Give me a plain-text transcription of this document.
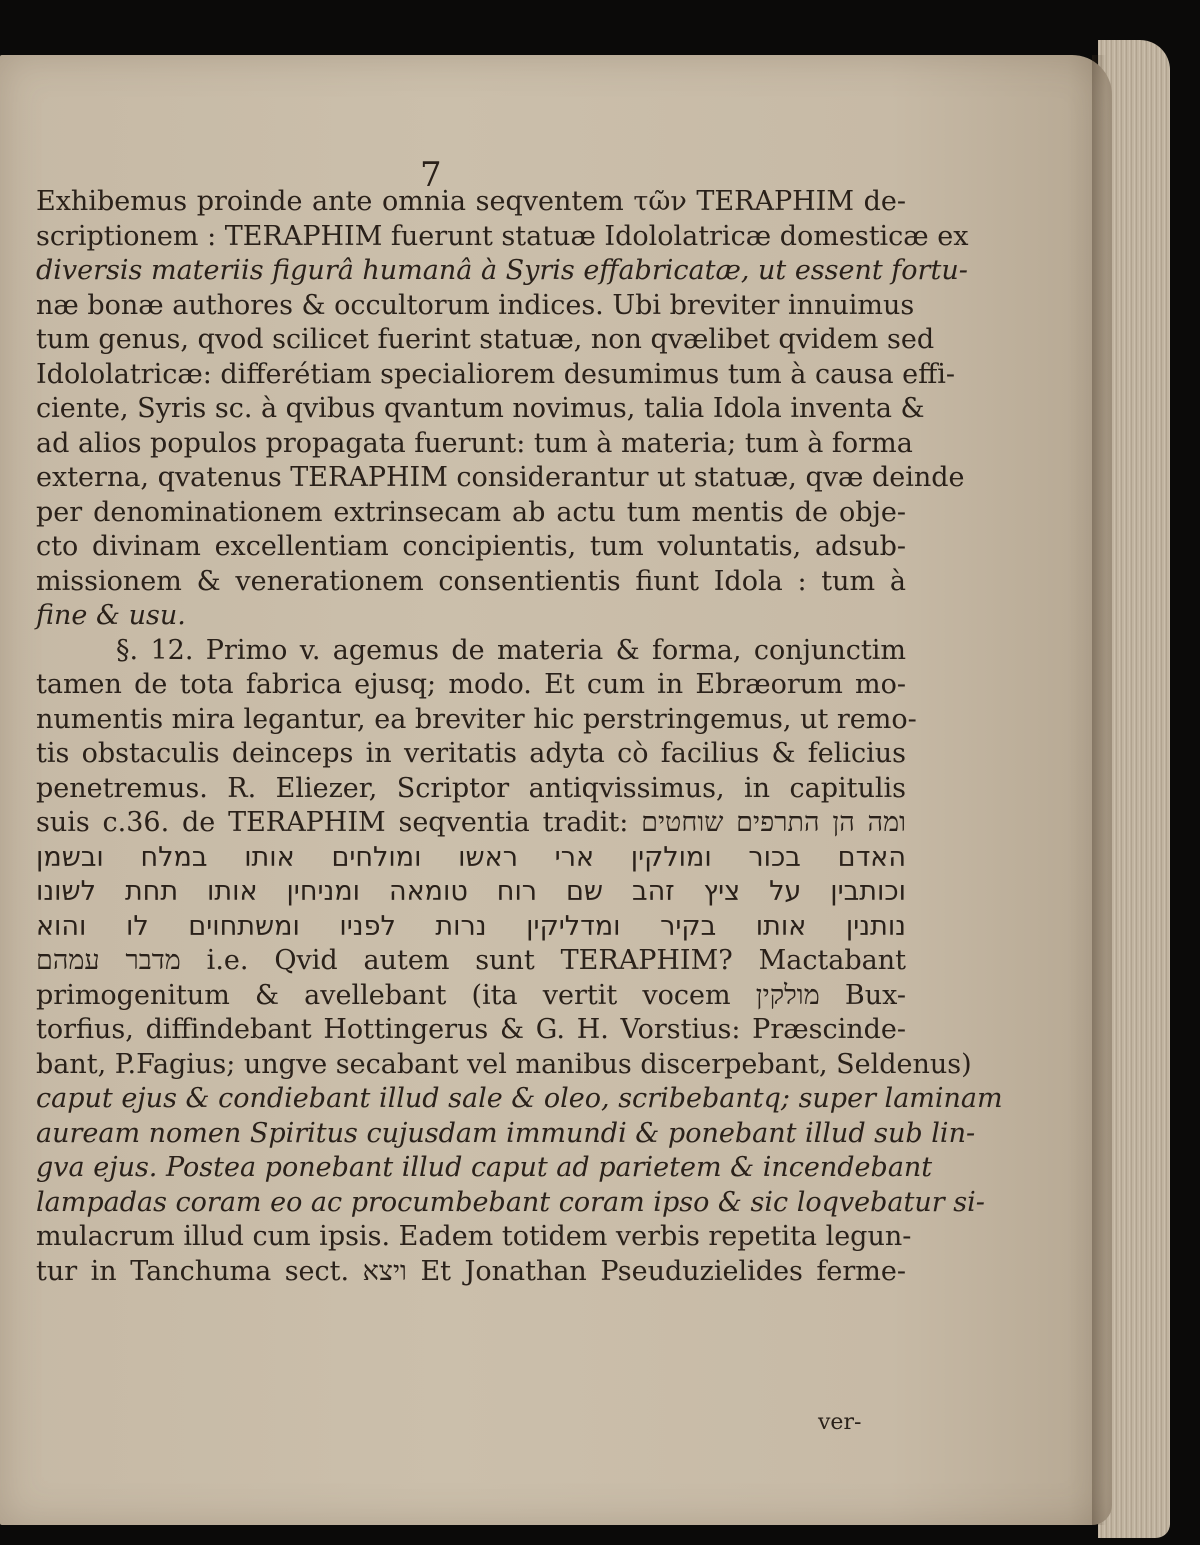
7
Exhibemus proinde ante omnia seqventem τῶν TERAPHIM de-
scriptionem : TERAPHIM fuerunt statuæ Idololatricæ domesticæ ex
diversis materiis figurâ humanâ à Syris effabricatæ, ut essent fortu-
næ bonæ authores & occultorum indices. Ubi breviter innuimus
tum genus, qvod scilicet fuerint statuæ, non qvælibet qvidem sed
Idololatricæ: differétiam specialiorem desumimus tum à causa effi-
ciente, Syris sc. à qvibus qvantum novimus, talia Idola inventa &
ad alios populos propagata fuerunt: tum à materia; tum à forma
externa, qvatenus TERAPHIM considerantur ut statuæ, qvæ deinde
per denominationem extrinsecam ab actu tum mentis de obje-
cto divinam excellentiam concipientis, tum voluntatis, adsub-
missionem & venerationem consentientis fiunt Idola : tum à
fine & usu.
§. 12. Primo v. agemus de materia & forma, conjunctim
tamen de tota fabrica ejusq; modo. Et cum in Ebræorum mo-
numentis mira legantur, ea breviter hic perstringemus, ut remo-
tis obstaculis deinceps in veritatis adyta cò facilius & felicius
penetremus. R. Eliezer, Scriptor antiqvissimus, in capitulis
suis c.36. de TERAPHIM seqventia tradit: ומה הן התרפים שוחטים
האדם בכור ומולקין ארי ראשו ומולחים אותו במלח ובשמן
וכותבין על ציץ זהב שם רוח טומאה ומניחין אותו תחת לשונו
נותנין אותו בקיר ומדליקין נרות לפניו ומשתחוים לו והוא
מדבר עמהם i.e. Qvid autem sunt TERAPHIM? Mactabant
primogenitum & avellebant (ita vertit vocem מולקין Bux-
torfius, diffindebant Hottingerus & G. H. Vorstius: Præscinde-
bant, P.Fagius; ungve secabant vel manibus discerpebant, Seldenus)
caput ejus & condiebant illud sale & oleo, scribebantq; super laminam
auream nomen Spiritus cujusdam immundi & ponebant illud sub lin-
gva ejus. Postea ponebant illud caput ad parietem & incendebant
lampadas coram eo ac procumbebant coram ipso & sic loqvebatur si-
mulacrum illud cum ipsis. Eadem totidem verbis repetita legun-
tur in Tanchuma sect. ויצא Et Jonathan Pseuduzielides ferme-
ver-
